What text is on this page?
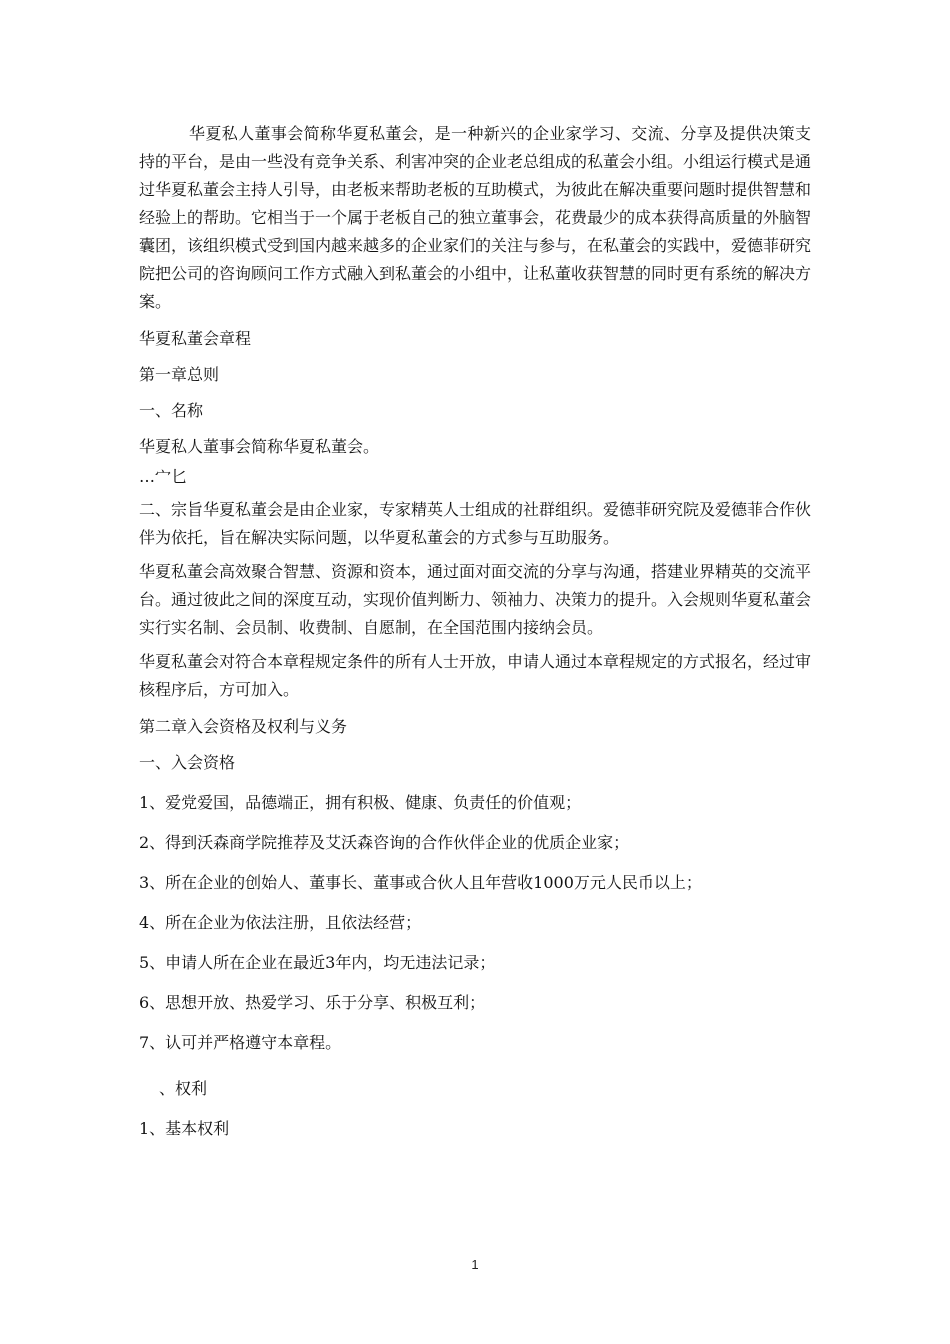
华夏私人董事会简称华夏私董会，是一种新兴的企业家学习、交流、分享及提供决策支持的平台，是由一些没有竞争关系、利害冲突的企业老总组成的私董会小组。小组运行模式是通过华夏私董会主持人引导，由老板来帮助老板的互助模式，为彼此在解决重要问题时提供智慧和经验上的帮助。它相当于一个属于老板自己的独立董事会，花费最少的成本获得高质量的外脑智囊团，该组织模式受到国内越来越多的企业家们的关注与参与，在私董会的实践中，爱德菲研究院把公司的咨询顾问工作方式融入到私董会的小组中，让私董收获智慧的同时更有系统的解决方案。

华夏私董会章程

第一章总则

一、名称

华夏私人董事会简称华夏私董会。

…宀匕

二、宗旨华夏私董会是由企业家，专家精英人士组成的社群组织。爱德菲研究院及爱德菲合作伙伴为依托，旨在解决实际问题，以华夏私董会的方式参与互助服务。

华夏私董会高效聚合智慧、资源和资本，通过面对面交流的分享与沟通，搭建业界精英的交流平台。通过彼此之间的深度互动，实现价值判断力、领袖力、决策力的提升。入会规则华夏私董会实行实名制、会员制、收费制、自愿制，在全国范围内接纳会员。

华夏私董会对符合本章程规定条件的所有人士开放，申请人通过本章程规定的方式报名，经过审核程序后，方可加入。

第二章入会资格及权利与义务

一、入会资格

1、爱党爱国，品德端正，拥有积极、健康、负责任的价值观；

2、得到沃森商学院推荐及艾沃森咨询的合作伙伴企业的优质企业家；

3、所在企业的创始人、董事长、董事或合伙人且年营收1000万元人民币以上；

4、所在企业为依法注册，且依法经营；

5、申请人所在企业在最近3年内，均无违法记录；

6、思想开放、热爱学习、乐于分享、积极互利；

7、认可并严格遵守本章程。

、权利

1、基本权利

1
